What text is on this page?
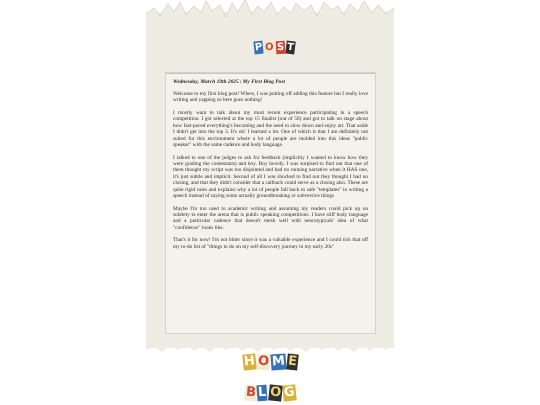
P O S T
Wednesday, March 19th 2025:My First Blog Post

Welcome to my first blog post! Whew, I was putting off adding this feature but I really love writing and yapping so here goes nothing!

I mostly want to talk about my most recent experience participating in a speech competition. I got selected at the top 15 finalist (out of 58) and got to talk on stage about how fast-paced everything's becoming and the need to slow down and enjoy art. That aside I didn't get into the top 3. It's ok! I learned a lot. One of which is that I am definitely not suited for this environment where a lot of people are molded into this ideas "public speaker" with the same cadence and body language.

I talked to one of the judges to ask for feedback (implicitly I wanted to know how they were grading the contestants) and boy. Boy howdy. I was surpised to find out that one of them thought my script was too disjointed and had no running narrative when it HAS one, it's just subtle and implicit. Second of all I was shocked to find out they thought I had no closing, and that they didn't consider that a callback could serve as a closing also. These are quite rigid rules and explains why a lot of people fall back to safe "templates" in writing a speech instead of saying some actually groundbreaking or subversive things

Maybe I'm too used to academic writing and assuming my readers could pick up on subtlety to enter the arena that is public speaking competitions. I have stiff body language and a particular cadence that doesn't mesh well with neurotypicals' idea of what "confidence" looks like.

That's it for now! I'm not bitter since it was a valuable experience and I could tick that off my to-do list of "things to do on my self-discovery journey in my early 20s"

H O M E
B L O G
